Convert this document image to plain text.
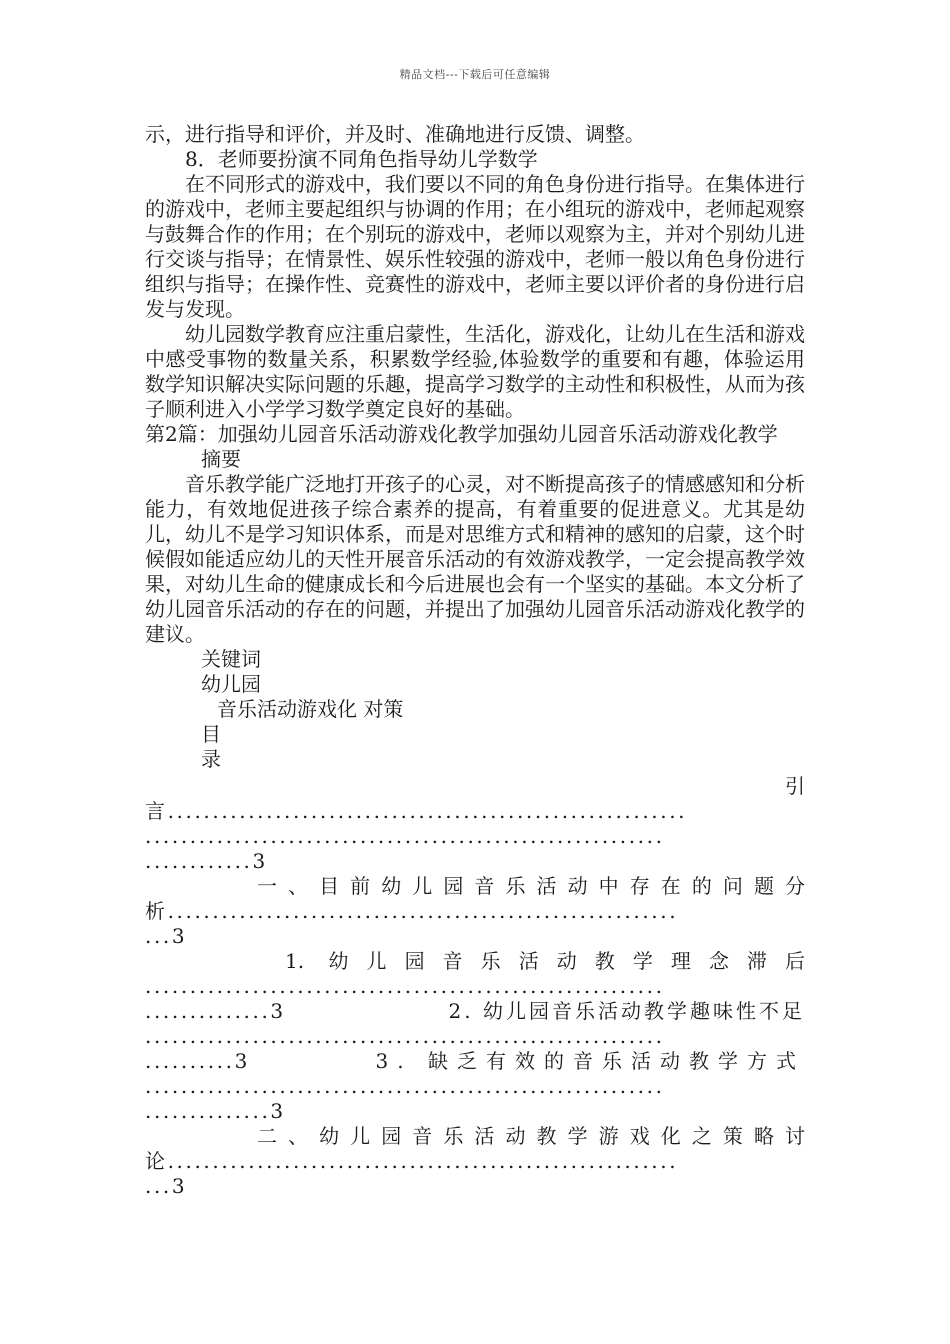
精品文档---下载后可任意编辑

示，进行指导和评价，并及时、准确地进行反馈、调整。

8．老师要扮演不同角色指导幼儿学数学

在不同形式的游戏中，我们要以不同的角色身份进行指导。在集体进行的游戏中，老师主要起组织与协调的作用；在小组玩的游戏中，老师起观察与鼓舞合作的作用；在个别玩的游戏中，老师以观察为主，并对个别幼儿进行交谈与指导；在情景性、娱乐性较强的游戏中，老师一般以角色身份进行组织与指导；在操作性、竞赛性的游戏中，老师主要以评价者的身份进行启发与发现。

幼儿园数学教育应注重启蒙性，生活化，游戏化，让幼儿在生活和游戏中感受事物的数量关系，积累数学经验,体验数学的重要和有趣，体验运用数学知识解决实际问题的乐趣，提高学习数学的主动性和积极性，从而为孩子顺利进入小学学习数学奠定良好的基础。

第2篇：加强幼儿园音乐活动游戏化教学加强幼儿园音乐活动游戏化教学

摘要

音乐教学能广泛地打开孩子的心灵，对不断提高孩子的情感感知和分析能力，有效地促进孩子综合素养的提高，有着重要的促进意义。尤其是幼儿，幼儿不是学习知识体系，而是对思维方式和精神的感知的启蒙，这个时候假如能适应幼儿的天性开展音乐活动的有效游戏教学，一定会提高教学效果，对幼儿生命的健康成长和今后进展也会有一个坚实的基础。本文分析了幼儿园音乐活动的存在的问题，并提出了加强幼儿园音乐活动游戏化教学的建议。

关键词

幼儿园

音乐活动游戏化 对策

目

录

引
言..........................................................
..........................................................
............3
一、目前幼儿园音乐活动中存在的问题分
析.........................................................
...3
1. 幼儿园音乐活动教学理念滞后
..........................................................
..............3	2. 幼儿园音乐活动教学趣味性不足
..........................................................
..........3	3. 缺乏有效的音乐活动教学方式
..........................................................
..............3
二、幼儿园音乐活动教学游戏化之策略讨
论.........................................................
...3
